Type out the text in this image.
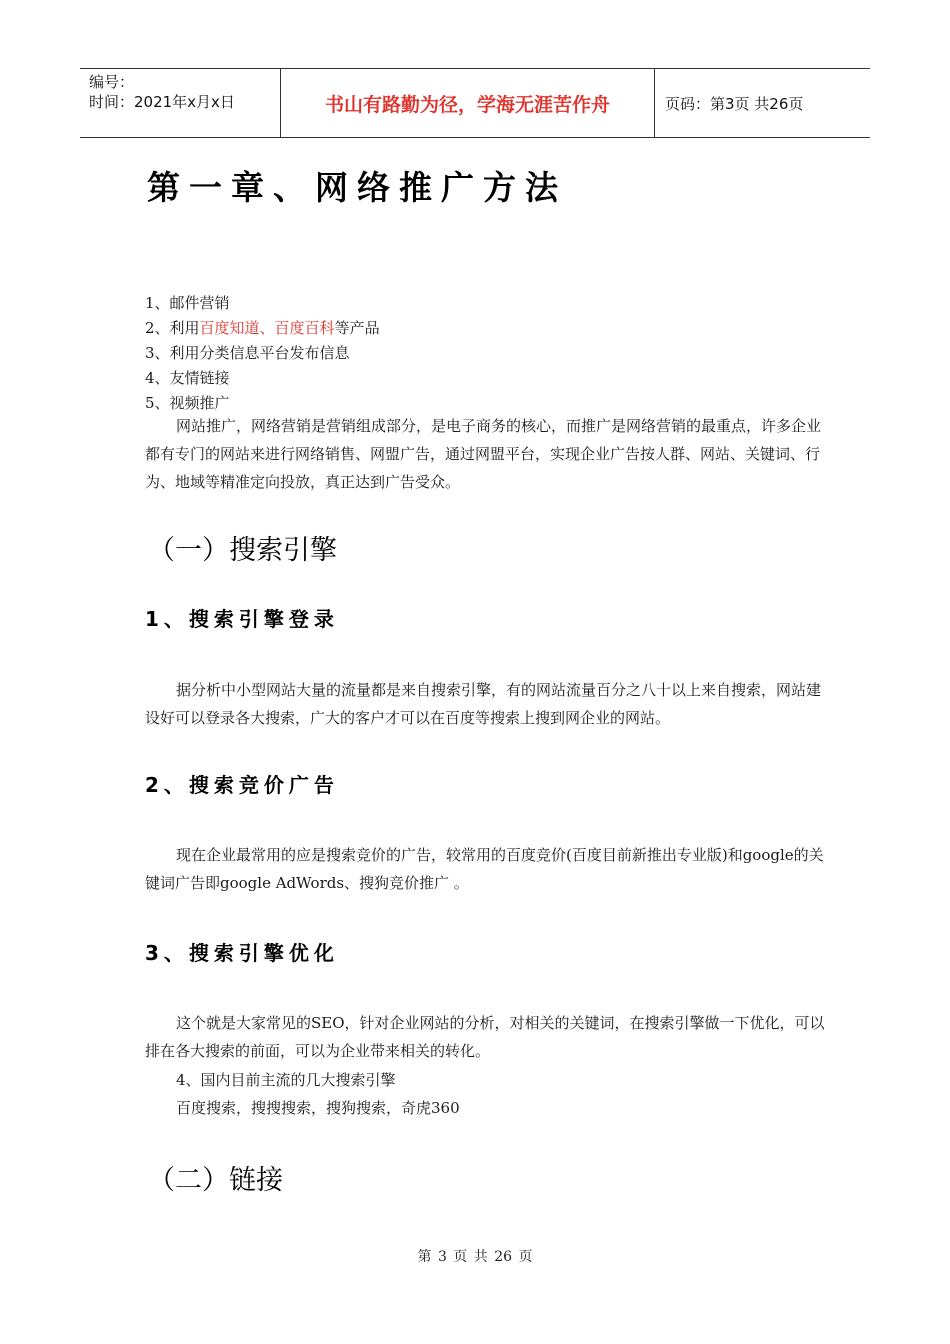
编号：
时间：2021年x月x日	书山有路勤为径，学海无涯苦作舟	页码：第3页 共26页
第一章、网络推广方法
1、邮件营销
2、利用百度知道、百度百科等产品
3、利用分类信息平台发布信息
4、友情链接
5、视频推广
网站推广，网络营销是营销组成部分，是电子商务的核心，而推广是网络营销的最重点，许多企业都有专门的网站来进行网络销售、网盟广告，通过网盟平台，实现企业广告按人群、网站、关键词、行为、地域等精准定向投放，真正达到广告受众。
（一）搜索引擎
1、搜索引擎登录
据分析中小型网站大量的流量都是来自搜索引擎，有的网站流量百分之八十以上来自搜索，网站建设好可以登录各大搜索，广大的客户才可以在百度等搜索上搜到网企业的网站。
2、搜索竞价广告
现在企业最常用的应是搜索竞价的广告，较常用的百度竞价(百度目前新推出专业版)和google的关键词广告即google AdWords、搜狗竞价推广 。
3、搜索引擎优化
这个就是大家常见的SEO，针对企业网站的分析，对相关的关键词，在搜索引擎做一下优化，可以排在各大搜索的前面，可以为企业带来相关的转化。
4、国内目前主流的几大搜索引擎
百度搜索，搜搜搜索，搜狗搜索，奇虎360
（二）链接
第 3 页 共 26 页
